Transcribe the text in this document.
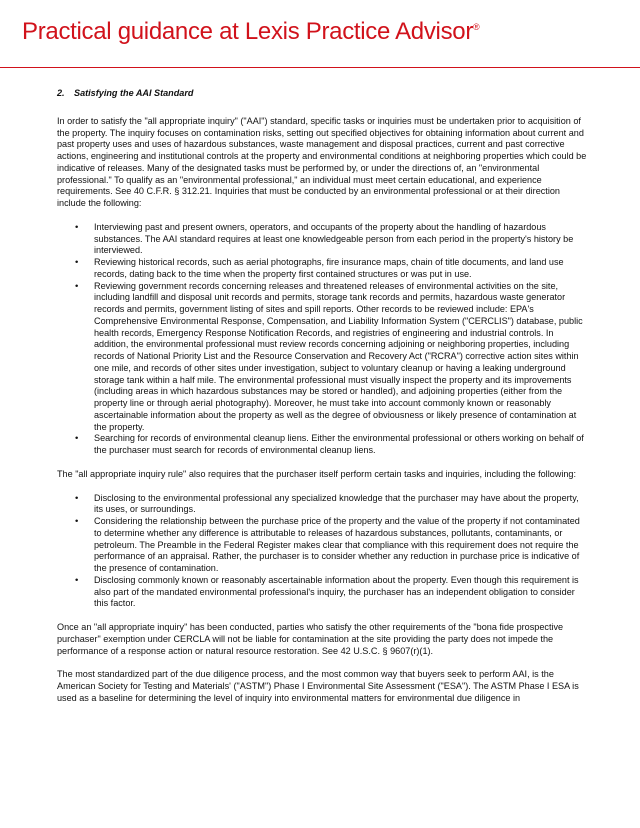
Practical guidance at Lexis Practice Advisor®
2. Satisfying the AAI Standard

In order to satisfy the "all appropriate inquiry" ("AAI") standard, specific tasks or inquiries must be undertaken prior to acquisition of the property. The inquiry focuses on contamination risks, setting out specified objectives for obtaining information about current and past property uses and uses of hazardous substances, waste management and disposal practices, current and past corrective actions, engineering and institutional controls at the property and environmental conditions at neighboring properties which could be indicative of releases. Many of the designated tasks must be performed by, or under the directions of, an "environmental professional." To qualify as an "environmental professional," an individual must meet certain educational, and experience requirements. See 40 C.F.R. § 312.21. Inquiries that must be conducted by an environmental professional or at their direction include the following:

• Interviewing past and present owners, operators, and occupants of the property about the handling of hazardous substances. The AAI standard requires at least one knowledgeable person from each period in the property's history be interviewed.
• Reviewing historical records, such as aerial photographs, fire insurance maps, chain of title documents, and land use records, dating back to the time when the property first contained structures or was put in use.
• Reviewing government records concerning releases and threatened releases of environmental activities on the site, including landfill and disposal unit records and permits, storage tank records and permits, hazardous waste generator records and permits, government listing of sites and spill reports. Other records to be reviewed include: EPA's Comprehensive Environmental Response, Compensation, and Liability Information System ("CERCLIS") database, public health records, Emergency Response Notification Records, and registries of engineering and industrial controls. In addition, the environmental professional must review records concerning adjoining or neighboring properties, including records of National Priority List and the Resource Conservation and Recovery Act ("RCRA") corrective action sites within one mile, and records of other sites under investigation, subject to voluntary cleanup or having a leaking underground storage tank within a half mile. The environmental professional must visually inspect the property and its improvements (including areas in which hazardous substances may be stored or handled), and adjoining properties (either from the property line or through aerial photography). Moreover, he must take into account commonly known or reasonably ascertainable information about the property as well as the degree of obviousness or likely presence of contamination at the property.
• Searching for records of environmental cleanup liens. Either the environmental professional or others working on behalf of the purchaser must search for records of environmental cleanup liens.

The "all appropriate inquiry rule" also requires that the purchaser itself perform certain tasks and inquiries, including the following:

• Disclosing to the environmental professional any specialized knowledge that the purchaser may have about the property, its uses, or surroundings.
• Considering the relationship between the purchase price of the property and the value of the property if not contaminated to determine whether any difference is attributable to releases of hazardous substances, pollutants, contaminants, or petroleum. The Preamble in the Federal Register makes clear that compliance with this requirement does not require the performance of an appraisal. Rather, the purchaser is to consider whether any reduction in purchase price is indicative of the presence of contamination.
• Disclosing commonly known or reasonably ascertainable information about the property. Even though this requirement is also part of the mandated environmental professional's inquiry, the purchaser has an independent obligation to consider this factor.

Once an "all appropriate inquiry" has been conducted, parties who satisfy the other requirements of the "bona fide prospective purchaser" exemption under CERCLA will not be liable for contamination at the site providing the party does not impede the performance of a response action or natural resource restoration. See 42 U.S.C. § 9607(r)(1).

The most standardized part of the due diligence process, and the most common way that buyers seek to perform AAI, is the American Society for Testing and Materials' ("ASTM") Phase I Environmental Site Assessment ("ESA"). The ASTM Phase I ESA is used as a baseline for determining the level of inquiry into environmental matters for environmental due diligence in
